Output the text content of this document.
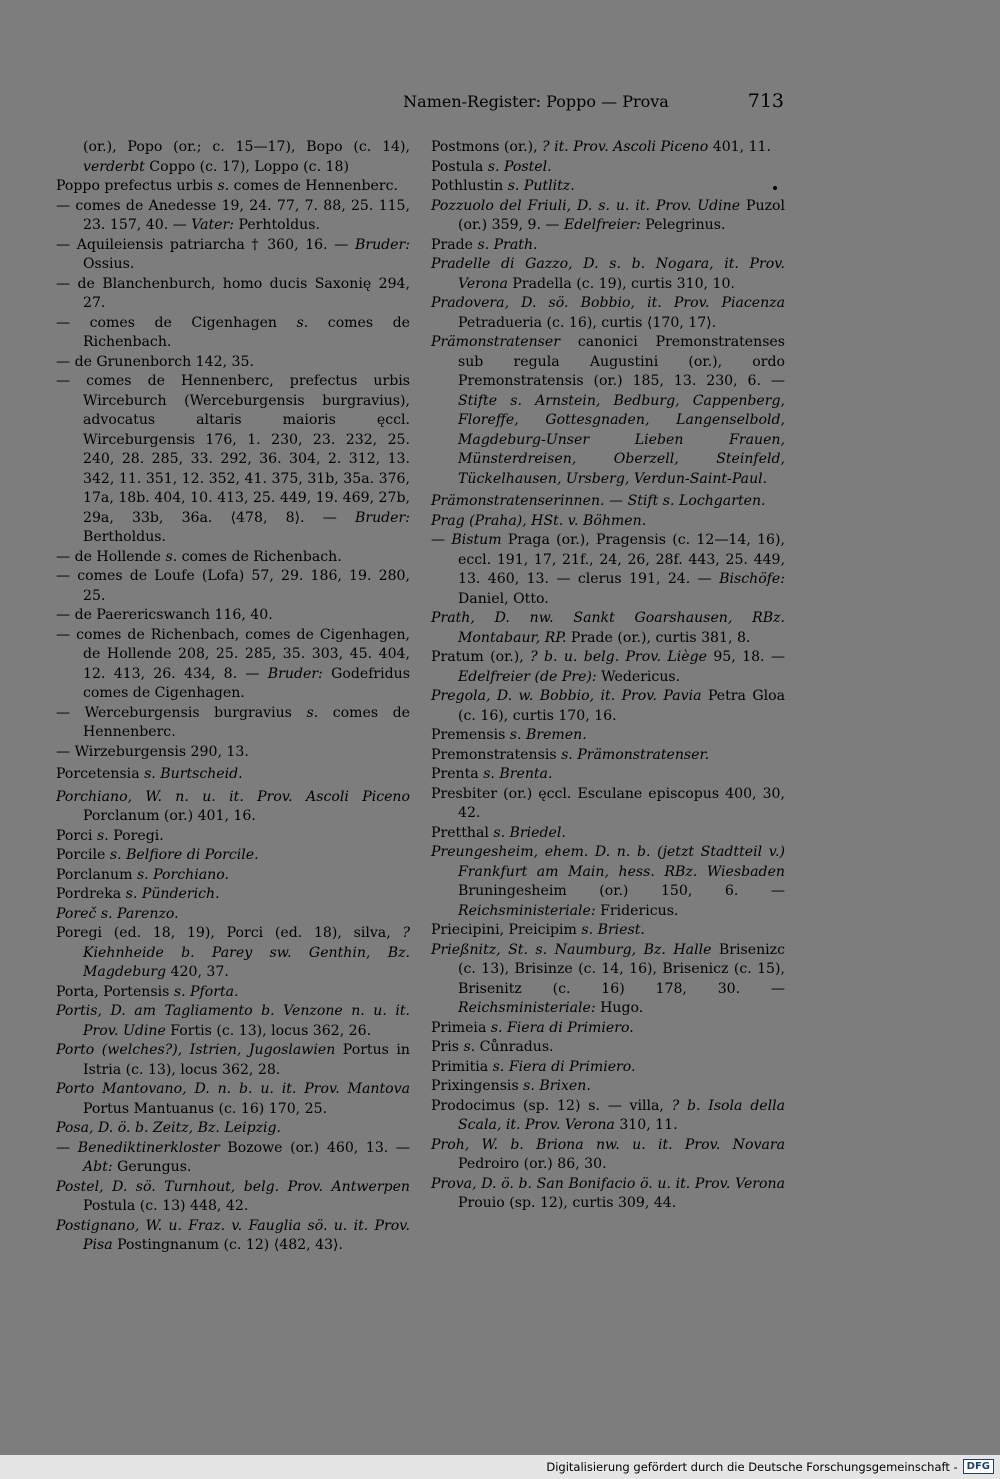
Namen-Register: Poppo — Prova	713
(or.), Popo (or.; c. 15—17), Bopo (c. 14), verderbt Coppo (c. 17), Loppo (c. 18)
Poppo prefectus urbis s. comes de Hennenberc.
— comes de Anedesse 19, 24. 77, 7. 88, 25. 115, 23. 157, 40. — Vater: Perhtoldus.
— Aquileiensis patriarcha † 360, 16. — Bruder: Ossius.
— de Blanchenburch, homo ducis Saxonię 294, 27.
— comes de Cigenhagen s. comes de Richenbach.
— de Grunenborch 142, 35.
— comes de Hennenberc, prefectus urbis Wirceburch (Werceburgensis burgravius), advocatus altaris maioris ęccl. Wirceburgensis 176, 1. 230, 23. 232, 25. 240, 28. 285, 33. 292, 36. 304, 2. 312, 13. 342, 11. 351, 12. 352, 41. 375, 31b, 35a. 376, 17a, 18b. 404, 10. 413, 25. 449, 19. 469, 27b, 29a, 33b, 36a. ⟨478, 8⟩. — Bruder: Bertholdus.
— de Hollende s. comes de Richenbach.
— comes de Loufe (Lofa) 57, 29. 186, 19. 280, 25.
— de Paerericswanch 116, 40.
— comes de Richenbach, comes de Cigenhagen, de Hollende 208, 25. 285, 35. 303, 45. 404, 12. 413, 26. 434, 8. — Bruder: Godefridus comes de Cigenhagen.
— Werceburgensis burgravius s. comes de Hennenberc.
— Wirzeburgensis 290, 13.
Porcetensia s. Burtscheid.
Porchiano, W. n. u. it. Prov. Ascoli Piceno Porclanum (or.) 401, 16.
Porci s. Poregi.
Porcile s. Belfiore di Porcile.
Porclanum s. Porchiano.
Pordreka s. Pünderich.
Poreč s. Parenzo.
Poregi (ed. 18, 19), Porci (ed. 18), silva, ? Kiehnheide b. Parey sw. Genthin, Bz. Magdeburg 420, 37.
Porta, Portensis s. Pforta.
Portis, D. am Tagliamento b. Venzone n. u. it. Prov. Udine Fortis (c. 13), locus 362, 26.
Porto (welches?), Istrien, Jugoslawien Portus in Istria (c. 13), locus 362, 28.
Porto Mantovano, D. n. b. u. it. Prov. Mantova Portus Mantuanus (c. 16) 170, 25.
Posa, D. ö. b. Zeitz, Bz. Leipzig.
— Benediktinerkloster Bozowe (or.) 460, 13. — Abt: Gerungus.
Postel, D. sö. Turnhout, belg. Prov. Antwerpen Postula (c. 13) 448, 42.
Postignano, W. u. Fraz. v. Fauglia sö. u. it. Prov. Pisa Postingnanum (c. 12) ⟨482, 43⟩.
Postmons (or.), ? it. Prov. Ascoli Piceno 401, 11.
Postula s. Postel.
Pothlustin s. Putlitz.
Pozzuolo del Friuli, D. s. u. it. Prov. Udine Puzol (or.) 359, 9. — Edelfreier: Pelegrinus.
Prade s. Prath.
Pradelle di Gazzo, D. s. b. Nogara, it. Prov. Verona Pradella (c. 19), curtis 310, 10.
Pradovera, D. sö. Bobbio, it. Prov. Piacenza Petradueria (c. 16), curtis ⟨170, 17⟩.
Prämonstratenser canonici Premonstratenses sub regula Augustini (or.), ordo Premonstratensis (or.) 185, 13. 230, 6. — Stifte s. Arnstein, Bedburg, Cappenberg, Floreffe, Gottesgnaden, Langenselbold, Magdeburg-Unser Lieben Frauen, Münsterdreisen, Oberzell, Steinfeld, Tückelhausen, Ursberg, Verdun-Saint-Paul.
Prämonstratenserinnen. — Stift s. Lochgarten.
Prag (Praha), HSt. v. Böhmen.
— Bistum Praga (or.), Pragensis (c. 12—14, 16), eccl. 191, 17, 21f., 24, 26, 28f. 443, 25. 449, 13. 460, 13. — clerus 191, 24. — Bischöfe: Daniel, Otto.
Prath, D. nw. Sankt Goarshausen, RBz. Montabaur, RP. Prade (or.), curtis 381, 8.
Pratum (or.), ? b. u. belg. Prov. Liège 95, 18. — Edelfreier (de Pre): Wedericus.
Pregola, D. w. Bobbio, it. Prov. Pavia Petra Gloa (c. 16), curtis 170, 16.
Premensis s. Bremen.
Premonstratensis s. Prämonstratenser.
Prenta s. Brenta.
Presbiter (or.) ęccl. Esculane episcopus 400, 30, 42.
Pretthal s. Briedel.
Preungesheim, ehem. D. n. b. (jetzt Stadtteil v.) Frankfurt am Main, hess. RBz. Wiesbaden Bruningesheim (or.) 150, 6. — Reichsministeriale: Fridericus.
Priecipini, Preicipim s. Briest.
Prießnitz, St. s. Naumburg, Bz. Halle Brisenizc (c. 13), Brisinze (c. 14, 16), Brisenicz (c. 15), Brisenitz (c. 16) 178, 30. — Reichsministeriale: Hugo.
Primeia s. Fiera di Primiero.
Pris s. Cůnradus.
Primitia s. Fiera di Primiero.
Prixingensis s. Brixen.
Prodocimus (sp. 12) s. — villa, ? b. Isola della Scala, it. Prov. Verona 310, 11.
Proh, W. b. Briona nw. u. it. Prov. Novara Pedroiro (or.) 86, 30.
Prova, D. ö. b. San Bonifacio ö. u. it. Prov. Verona Prouio (sp. 12), curtis 309, 44.
Digitalisierung gefördert durch die Deutsche Forschungsgemeinschaft - DFG
